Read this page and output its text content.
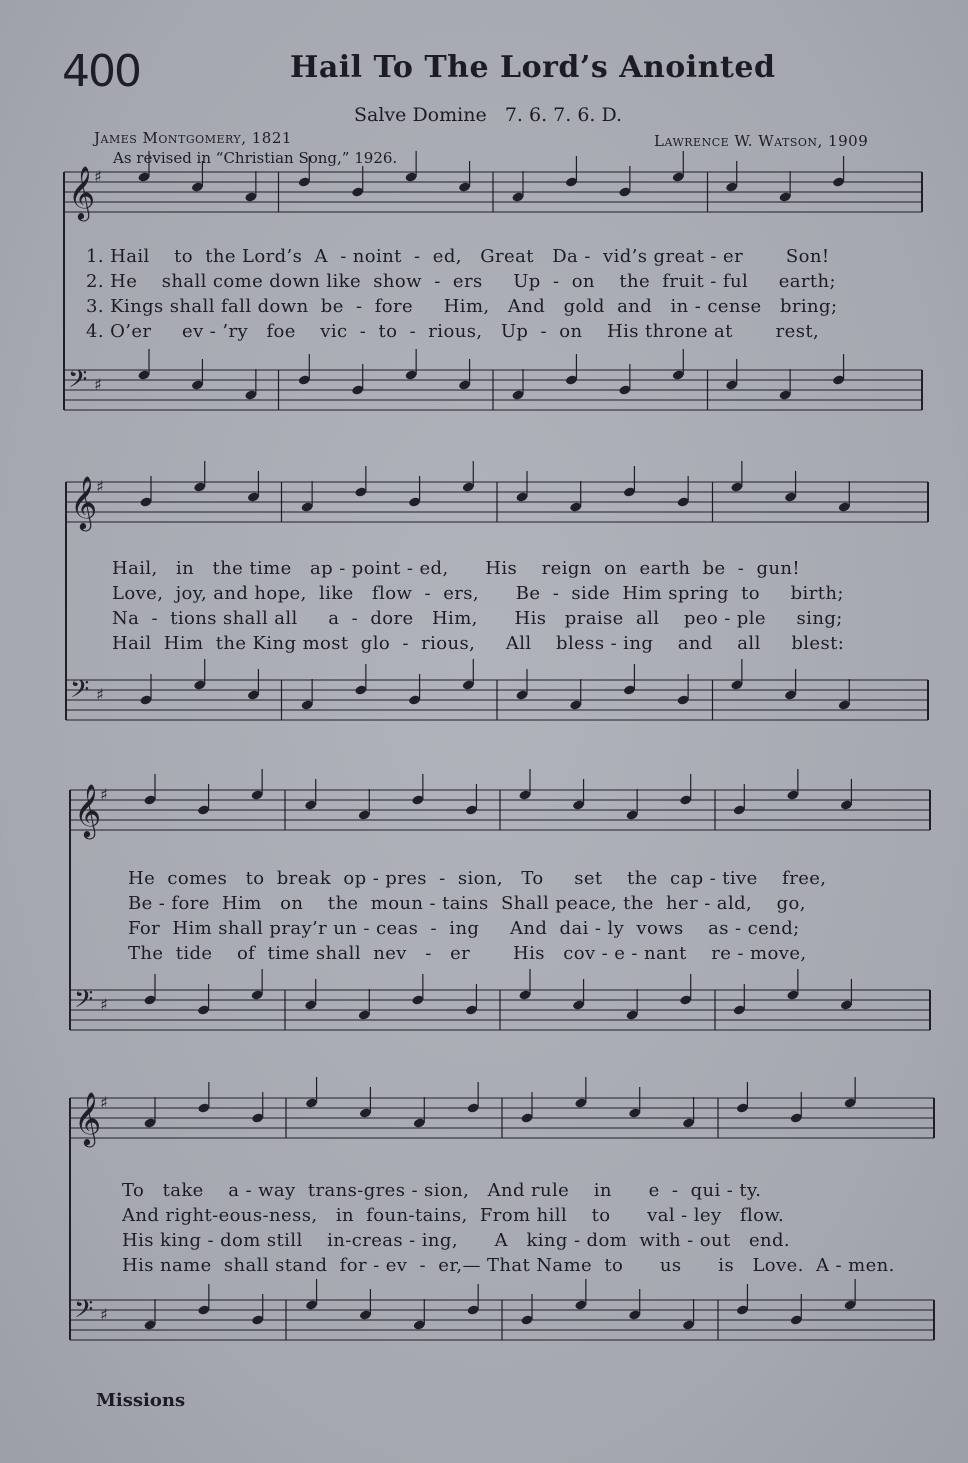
400	Hail To The Lord’s Anointed
Salve Domine 7. 6. 7. 6. D.
James Montgomery, 1821	Lawrence W. Watson, 1909
As revised in “Christian Song,” 1926.
𝄞
♯
𝄢 ♯
𝄞
♯
𝄢 ♯
𝄞
♯
𝄢 ♯
𝄞
♯
𝄢 ♯
1. Hail    to  the Lord’s  A  - noint  -  ed,   Great   Da -  vid’s great - er       Son!
2. He    shall come down like  show  -  ers     Up  -  on    the  fruit - ful     earth;
3. Kings shall fall down  be  -  fore     Him,   And   gold  and   in - cense   bring;
4. O’er     ev - ’ry   foe    vic  -  to  -  rious,   Up  -  on    His throne at       rest,
Hail,   in   the time   ap - point - ed,      His    reign  on  earth  be  -  gun!
Love,  joy, and hope,  like   flow  -  ers,      Be  -  side  Him spring  to     birth;
Na  -  tions shall all     a  -  dore   Him,      His   praise  all    peo - ple     sing;
Hail  Him  the King most  glo  -  rious,     All    bless - ing    and    all     blest:
He  comes   to  break  op - pres  -  sion,   To     set    the  cap - tive    free,
Be - fore  Him   on    the  moun - tains  Shall peace, the  her - ald,    go,
For  Him shall pray’r un - ceas  -  ing     And  dai - ly  vows    as - cend;
The  tide    of  time shall  nev   -   er       His   cov - e - nant    re - move,
To   take    a - way  trans-gres - sion,   And rule    in      e  -  qui - ty.
And right-eous-ness,   in  foun-tains,  From hill    to      val - ley   flow.
His king - dom still    in-creas - ing,      A   king - dom  with - out   end.
His name  shall stand  for - ev  -  er,— That Name  to      us      is   Love.  A - men.
Missions
